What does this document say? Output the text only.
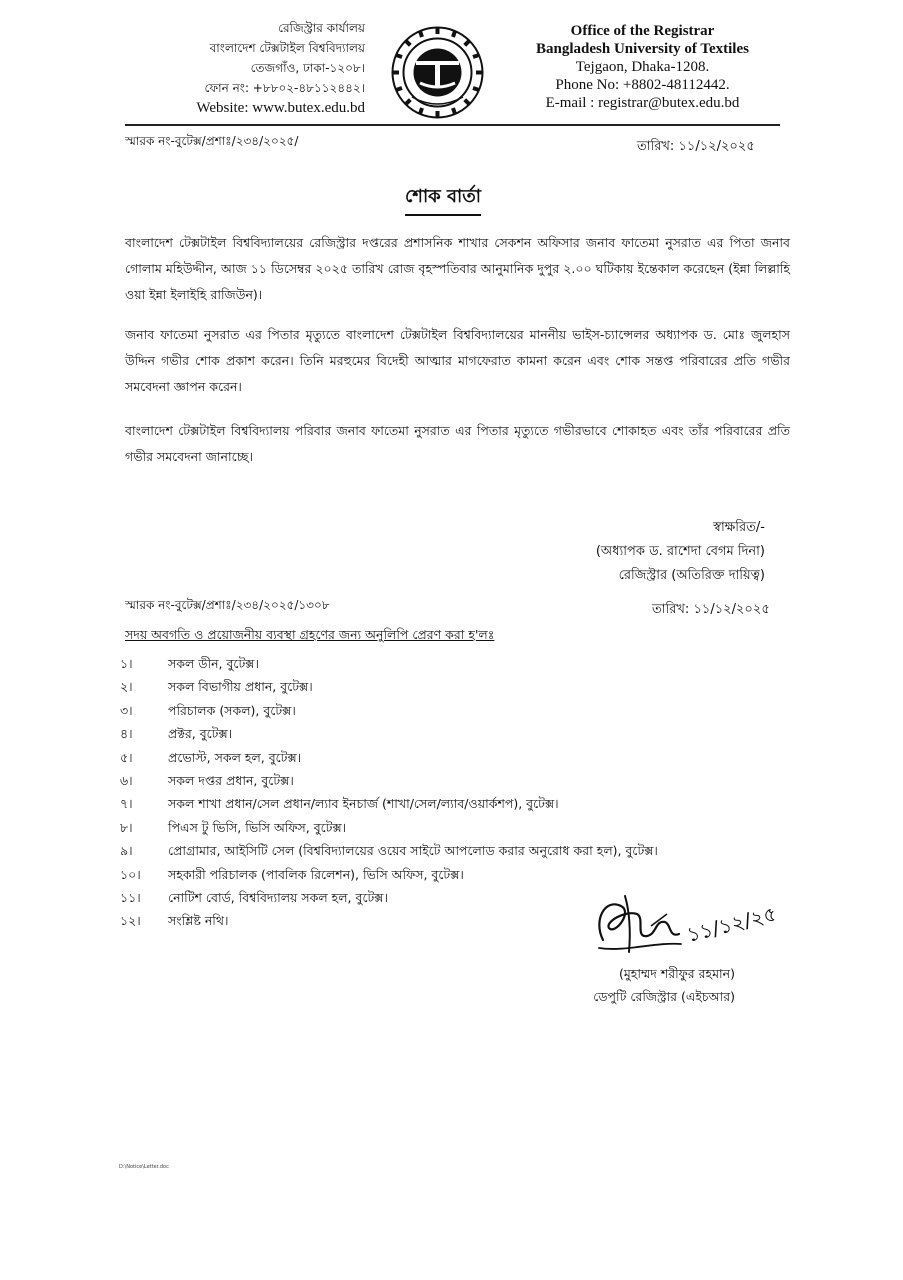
রেজিস্ট্রার কার্যালয়
বাংলাদেশ টেক্সটাইল বিশ্ববিদ্যালয়
তেজগাঁও, ঢাকা-১২০৮।
ফোন নং: +৮৮০২-৪৮১১২৪৪২।
Website: www.butex.edu.bd
Office of the Registrar
Bangladesh University of Textiles
Tejgaon, Dhaka-1208.
Phone No: +8802-48112442.
E-mail : registrar@butex.edu.bd
স্মারক নং-বুটেক্স/প্রশাঃ/২৩৪/২০২৫/	তারিখ: ১১/১২/২০২৫
শোক বার্তা
বাংলাদেশ টেক্সটাইল বিশ্ববিদ্যালয়ের রেজিস্ট্রার দপ্তরের প্রশাসনিক শাখার সেকশন অফিসার জনাব ফাতেমা নুসরাত এর পিতা জনাব গোলাম মহিউদ্দীন, আজ ১১ ডিসেম্বর ২০২৫ তারিখ রোজ বৃহস্পতিবার আনুমানিক দুপুর ২.০০ ঘটিকায় ইন্তেকাল করেছেন (ইন্না লিল্লাহি ওয়া ইন্না ইলাইহি রাজিউন)।
জনাব ফাতেমা নুসরাত এর পিতার মৃত্যুতে বাংলাদেশ টেক্সটাইল বিশ্ববিদ্যালয়ের মাননীয় ভাইস-চ্যান্সেলর অধ্যাপক ড. মোঃ জুলহাস উদ্দিন গভীর শোক প্রকাশ করেন। তিনি মরহুমের বিদেহী আত্মার মাগফেরাত কামনা করেন এবং শোক সন্তপ্ত পরিবারের প্রতি গভীর সমবেদনা জ্ঞাপন করেন।
বাংলাদেশ টেক্সটাইল বিশ্ববিদ্যালয় পরিবার জনাব ফাতেমা নুসরাত এর পিতার মৃত্যুতে গভীরভাবে শোকাহত এবং তাঁর পরিবারের প্রতি গভীর সমবেদনা জানাচ্ছে।
স্বাক্ষরিত/-
(অধ্যাপক ড. রাশেদা বেগম দিনা)
রেজিস্ট্রার (অতিরিক্ত দায়িত্ব)
স্মারক নং-বুটেক্স/প্রশাঃ/২৩৪/২০২৫/১৩০৮	তারিখ: ১১/১২/২০২৫
সদয় অবগতি ও প্রয়োজনীয় ব্যবস্থা গ্রহণের জন্য অনুলিপি প্রেরণ করা হ'লঃ
১।	সকল ডীন, বুটেক্স।
২।	সকল বিভাগীয় প্রধান, বুটেক্স।
৩।	পরিচালক (সকল), বুটেক্স।
৪।	প্রক্টর, বুটেক্স।
৫।	প্রভোস্ট, সকল হল, বুটেক্স।
৬।	সকল দপ্তর প্রধান, বুটেক্স।
৭।	সকল শাখা প্রধান/সেল প্রধান/ল্যাব ইনচার্জ (শাখা/সেল/ল্যাব/ওয়ার্কশপ), বুটেক্স।
৮।	পিএস টু ভিসি, ভিসি অফিস, বুটেক্স।
৯।	প্রোগ্রামার, আইসিটি সেল (বিশ্ববিদ্যালয়ের ওয়েব সাইটে আপলোড করার অনুরোধ করা হল), বুটেক্স।
১০। সহকারী পরিচালক (পাবলিক রিলেশন), ভিসি অফিস, বুটেক্স।
১১। নোটিশ বোর্ড, বিশ্ববিদ্যালয় সকল হল, বুটেক্স।
১২। সংশ্লিষ্ট নথি।	১১/১২/২৫
(মুহাম্মদ শরীফুর রহমান)
ডেপুটি রেজিস্ট্রার (এইচআর)
D:\Notice\Letter.doc
